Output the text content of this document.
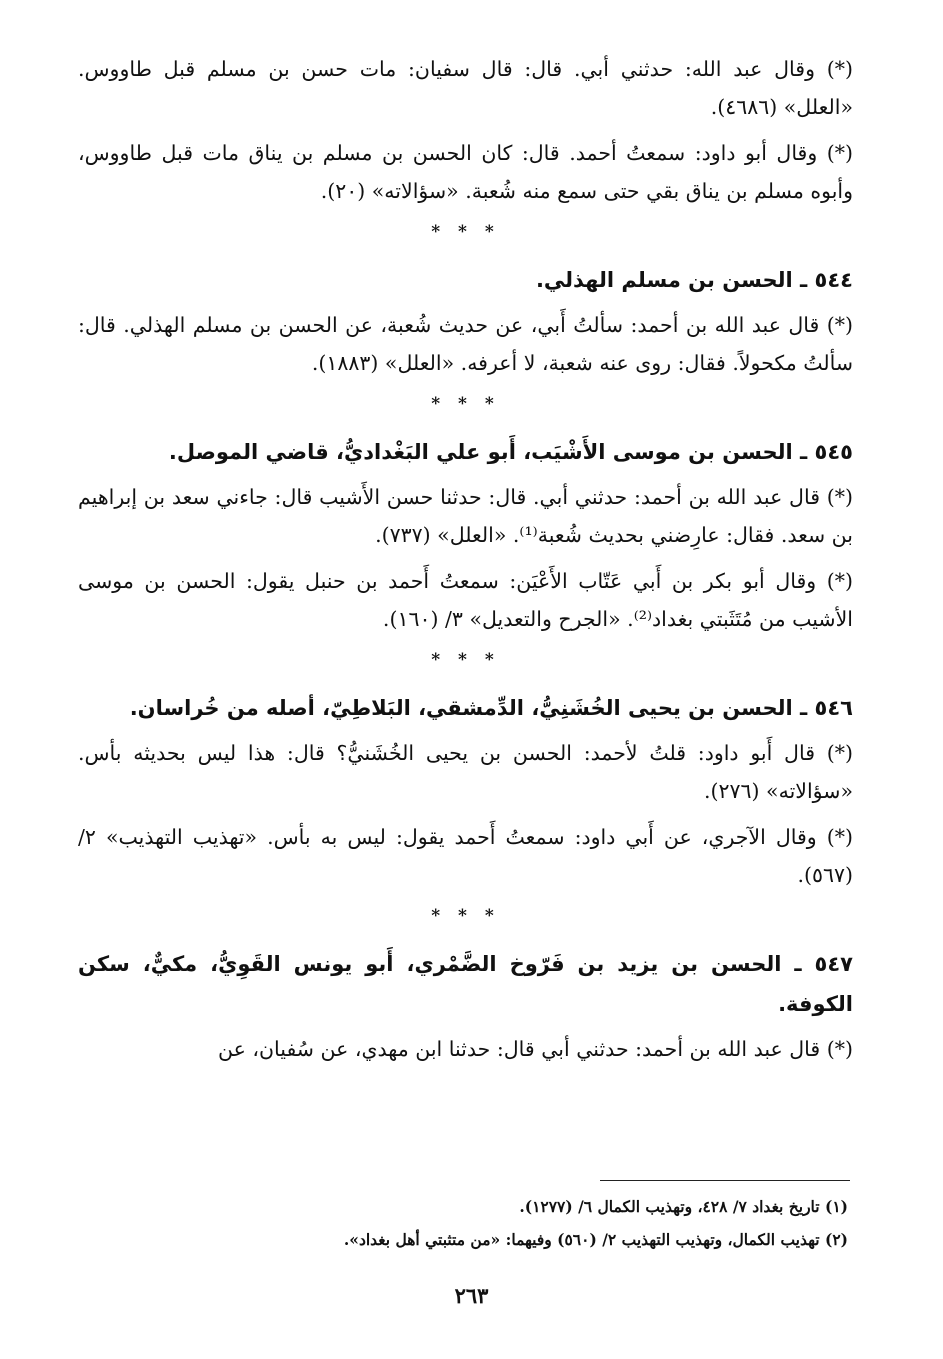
(*) وقال عبد الله: حدثني أبي. قال: قال سفيان: مات حسن بن مسلم قبل طاووس. «العلل» (٤٦٨٦).

(*) وقال أبو داود: سمعتُ أحمد. قال: كان الحسن بن مسلم بن يناق مات قبل طاووس، وأبوه مسلم بن يناق بقي حتى سمع منه شُعبة. «سؤالاته» (٢٠).

* * *
٥٤٤ ـ الحسن بن مسلم الهذلي.

(*) قال عبد الله بن أحمد: سألتُ أَبي، عن حديث شُعبة، عن الحسن بن مسلم الهذلي. قال: سألتُ مكحولاً. فقال: روى عنه شعبة، لا أعرفه. «العلل» (١٨٨٣).

* * *
٥٤٥ ـ الحسن بن موسى الأَشْيَب، أَبو علي البَغْداديُّ، قاضي الموصل.

(*) قال عبد الله بن أحمد: حدثني أبي. قال: حدثنا حسن الأَشيب قال: جاءني سعد بن إبراهيم بن سعد. فقال: عارِضني بحديث شُعبة⁽¹⁾. «العلل» (٧٣٧).

(*) وقال أبو بكر بن أَبي عَتّاب الأَعْيَن: سمعتُ أَحمد بن حنبل يقول: الحسن بن موسى الأشيب من مُتَثَبتي بغداد⁽²⁾. «الجرح والتعديل» ٣/ (١٦٠).

* * *
٥٤٦ ـ الحسن بن يحيى الخُشَنِيُّ، الدِّمشقي، البَلاطِيّ، أصله من خُراسان.

(*) قال أَبو داود: قلتُ لأحمد: الحسن بن يحيى الخُشَنيُّ؟ قال: هذا ليس بحديثه بأس. «سؤالاته» (٢٧٦).

(*) وقال الآجري، عن أَبي داود: سمعتُ أَحمد يقول: ليس به بأس. «تهذيب التهذيب» ٢/ (٥٦٧).

* * *
٥٤٧ ـ الحسن بن يزيد بن فَرّوخ الضَّمْري، أَبو يونس القَوِيُّ، مكيٌّ، سكن الكوفة.

(*) قال عبد الله بن أحمد: حدثني أبي قال: حدثنا ابن مهدي، عن سُفيان، عن

(١) تاريخ بغداد ٧/ ٤٢٨، وتهذيب الكمال ٦/ (١٢٧٧).

(٢) تهذيب الكمال، وتهذيب التهذيب ٢/ (٥٦٠) وفيهما: «من متثبتي أهل بغداد».

٢٦٣
